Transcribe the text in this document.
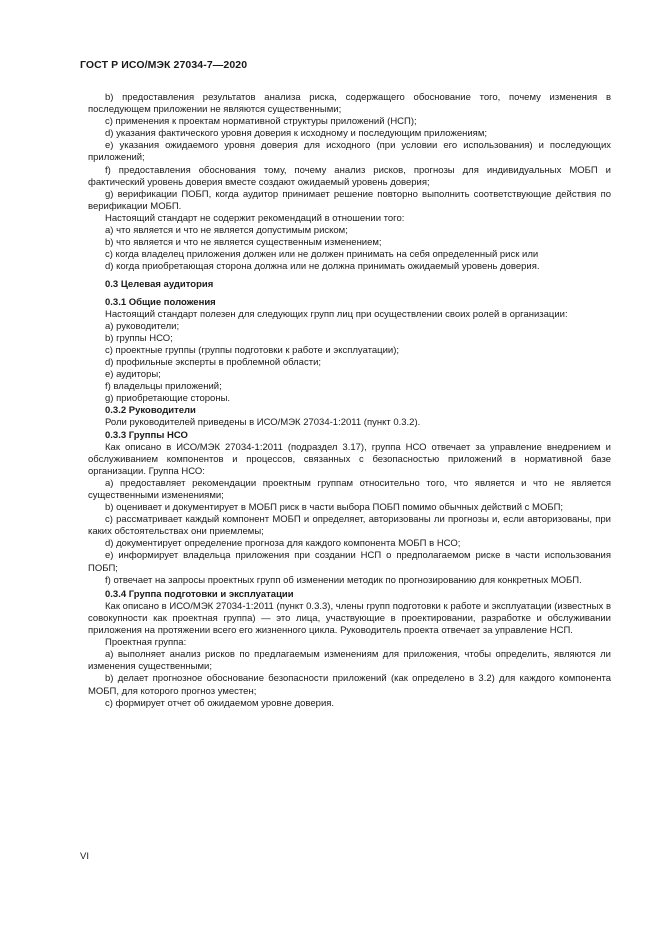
ГОСТ Р ИСО/МЭК 27034-7—2020

b) предоставления результатов анализа риска, содержащего обоснование того, почему изменения в последующем приложении не являются существенными;

c) применения к проектам нормативной структуры приложений (НСП);

d) указания фактического уровня доверия к исходному и последующим приложениям;

e) указания ожидаемого уровня доверия для исходного (при условии его использования) и последующих приложений;

f) предоставления обоснования тому, почему анализ рисков, прогнозы для индивидуальных МОБП и фактический уровень доверия вместе создают ожидаемый уровень доверия;

g) верификации ПОБП, когда аудитор принимает решение повторно выполнить соответствующие действия по верификации МОБП.

Настоящий стандарт не содержит рекомендаций в отношении того:

a) что является и что не является допустимым риском;

b) что является и что не является существенным изменением;

c) когда владелец приложения должен или не должен принимать на себя определенный риск или

d) когда приобретающая сторона должна или не должна принимать ожидаемый уровень доверия.

0.3 Целевая аудитория

0.3.1 Общие положения

Настоящий стандарт полезен для следующих групп лиц при осуществлении своих ролей в организации:

a) руководители;

b) группы НСО;

c) проектные группы (группы подготовки к работе и эксплуатации);

d) профильные эксперты в проблемной области;

e) аудиторы;

f) владельцы приложений;

g) приобретающие стороны.

0.3.2 Руководители

Роли руководителей приведены в ИСО/МЭК 27034-1:2011 (пункт 0.3.2).

0.3.3 Группы НСО

Как описано в ИСО/МЭК 27034-1:2011 (подраздел 3.17), группа НСО отвечает за управление внедрением и обслуживанием компонентов и процессов, связанных с безопасностью приложений в нормативной базе организации. Группа НСО:

a) предоставляет рекомендации проектным группам относительно того, что является и что не является существенными изменениями;

b) оценивает и документирует в МОБП риск в части выбора ПОБП помимо обычных действий с МОБП;

c) рассматривает каждый компонент МОБП и определяет, авторизованы ли прогнозы и, если авторизованы, при каких обстоятельствах они приемлемы;

d) документирует определение прогноза для каждого компонента МОБП в НСО;

e) информирует владельца приложения при создании НСП о предполагаемом риске в части использования ПОБП;

f) отвечает на запросы проектных групп об изменении методик по прогнозированию для конкретных МОБП.

0.3.4 Группа подготовки и эксплуатации

Как описано в ИСО/МЭК 27034-1:2011 (пункт 0.3.3), члены групп подготовки к работе и эксплуатации (известных в совокупности как проектная группа) — это лица, участвующие в проектировании, разработке и обслуживании приложения на протяжении всего его жизненного цикла. Руководитель проекта отвечает за управление НСП.

Проектная группа:

a) выполняет анализ рисков по предлагаемым изменениям для приложения, чтобы определить, являются ли изменения существенными;

b) делает прогнозное обоснование безопасности приложений (как определено в 3.2) для каждого компонента МОБП, для которого прогноз уместен;

c) формирует отчет об ожидаемом уровне доверия.

VI
